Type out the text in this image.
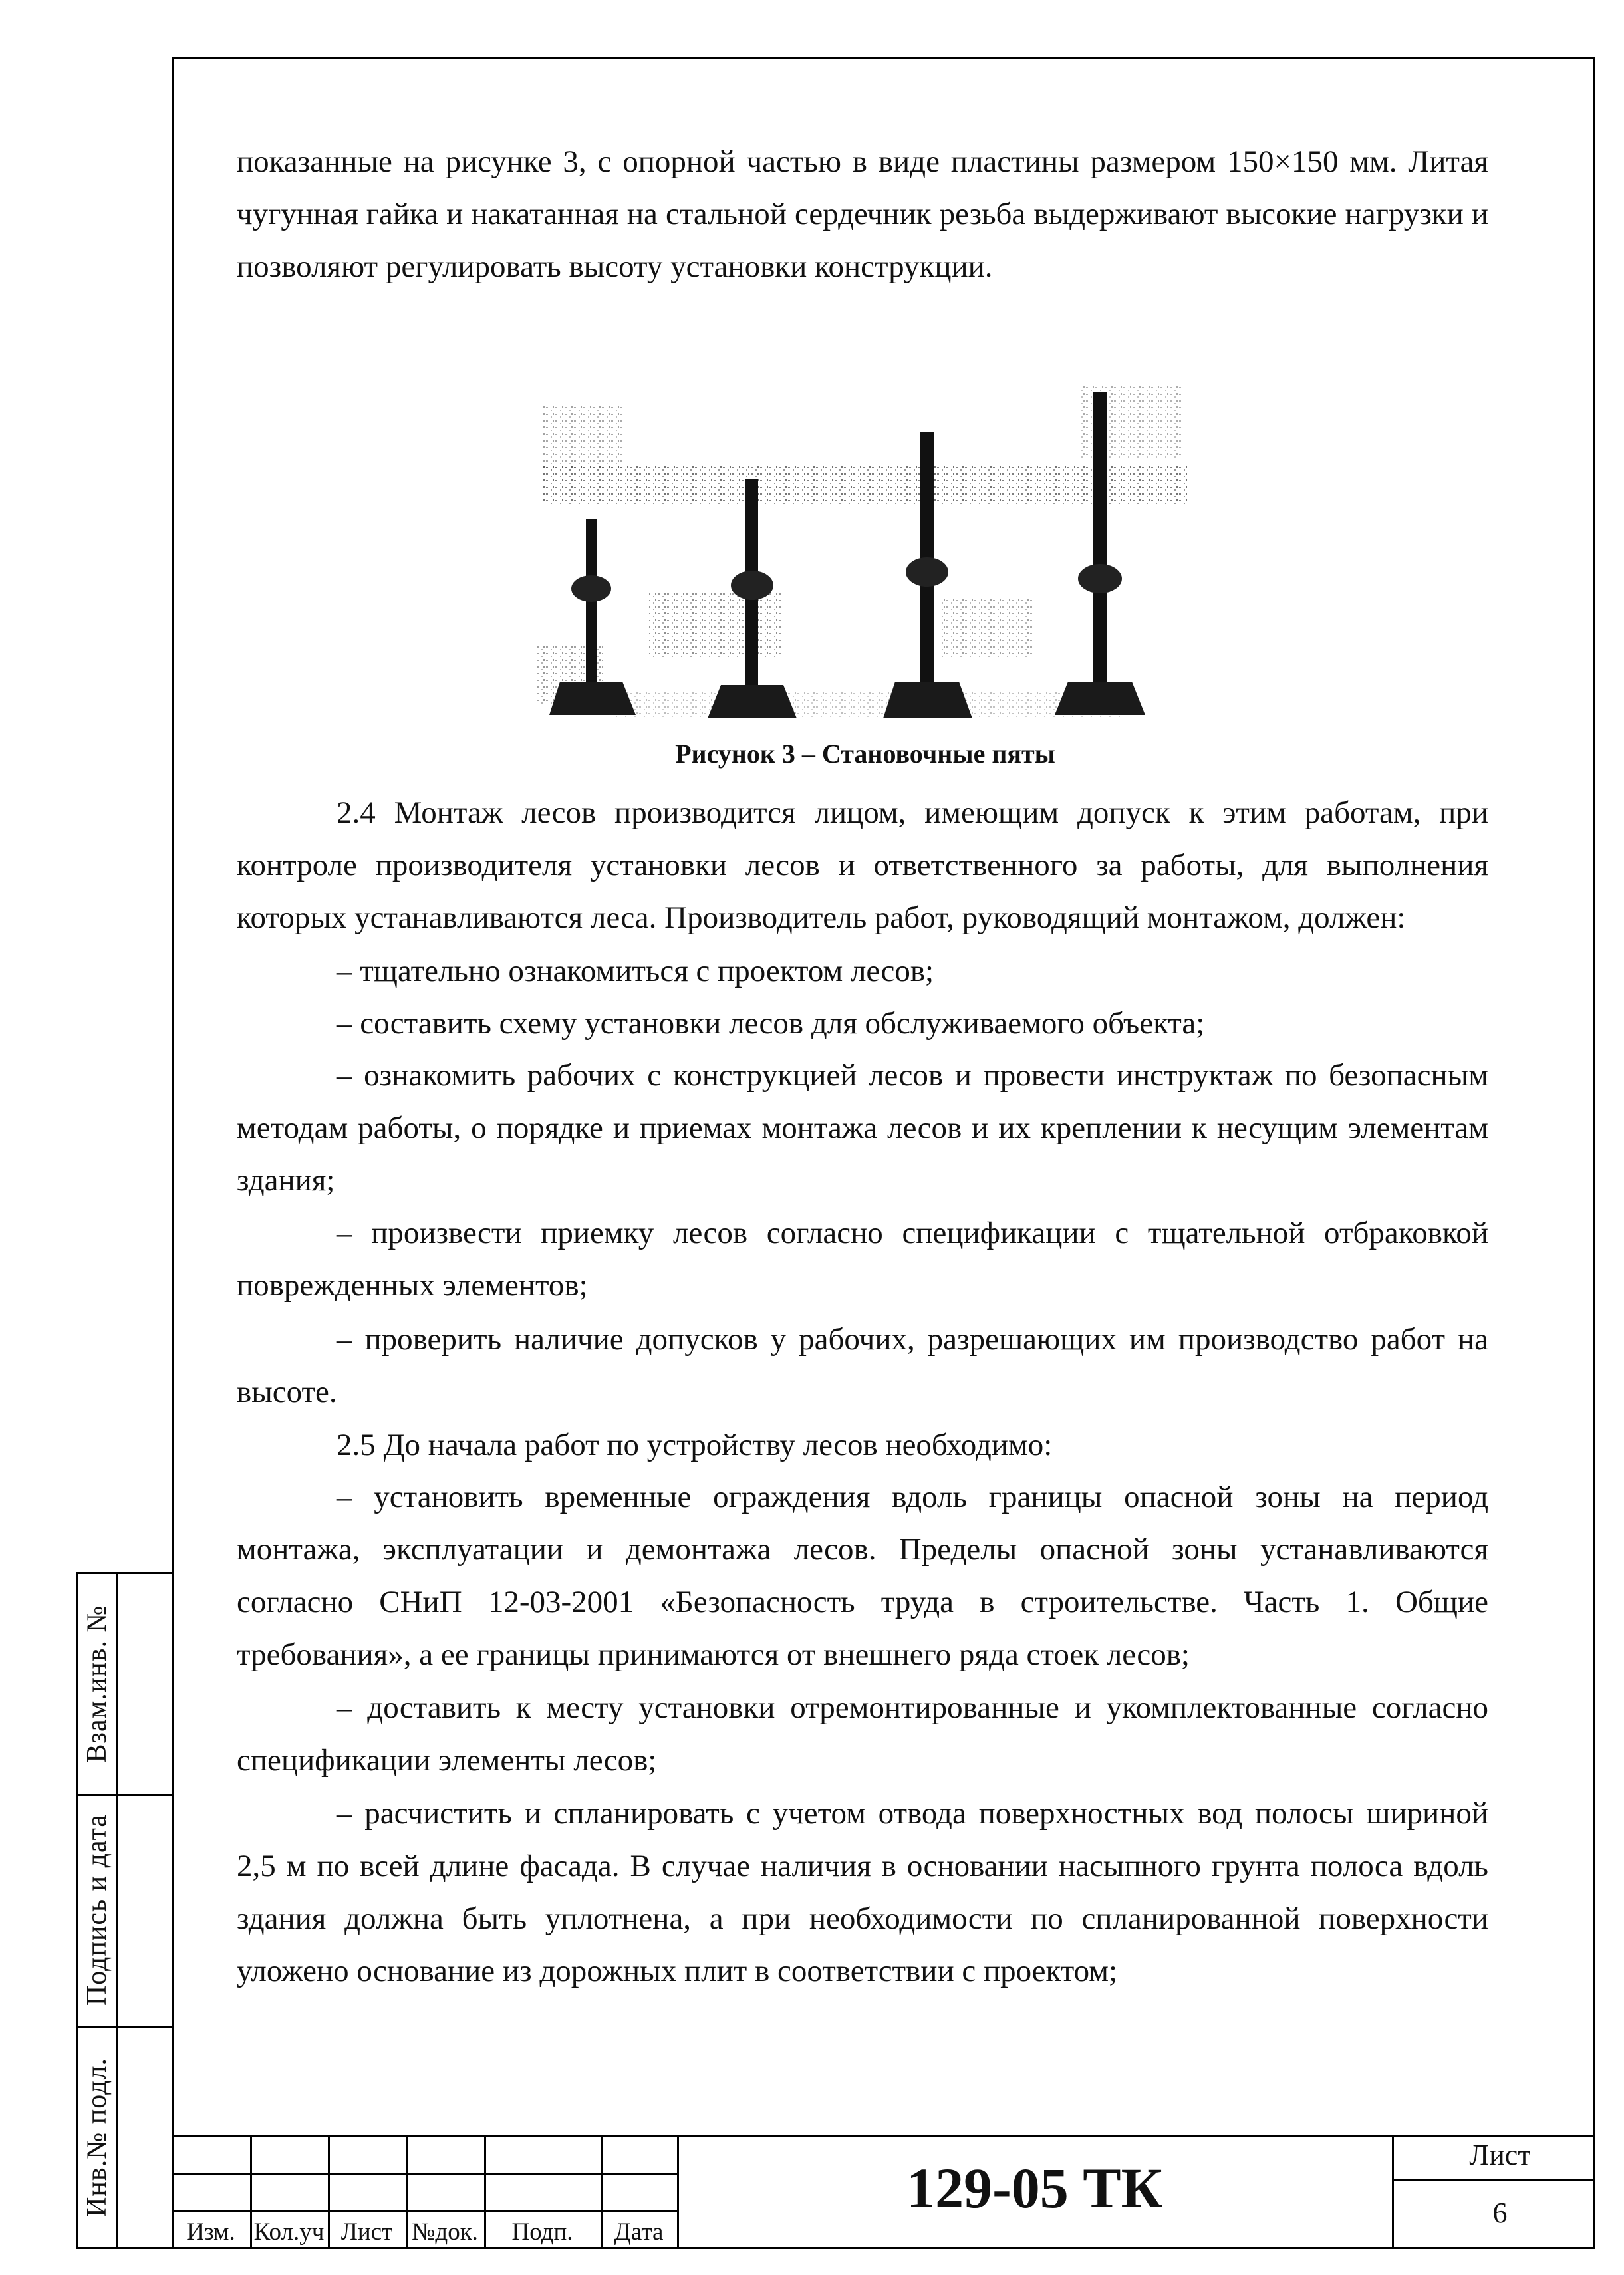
Взам.инв. №
Подпись и дата
Инв.№ подл.

показанные на рисунке 3, с опорной частью в виде пластины размером 150×150 мм. Литая чугунная гайка и накатанная на стальной сердечник резьба выдерживают высокие нагрузки и позволяют регулировать высоту установки конструкции.

Рисунок 3 – Становочные пяты

2.4 Монтаж лесов производится лицом, имеющим допуск к этим работам, при контроле производителя установки лесов и ответственного за работы, для выполнения которых устанавливаются леса. Производитель работ, руководящий монтажом, должен:

– тщательно ознакомиться с проектом лесов;

– составить схему установки лесов для обслуживаемого объекта;

– ознакомить рабочих с конструкцией лесов и провести инструктаж по безопасным методам работы, о порядке и приемах монтажа лесов и их креплении к несущим элементам здания;

– произвести приемку лесов согласно спецификации с тщательной отбраковкой поврежденных элементов;

– проверить наличие допусков у рабочих, разрешающих им производство работ на высоте.

2.5 До начала работ по устройству лесов необходимо:

– установить временные ограждения вдоль границы опасной зоны на период монтажа, эксплуатации и демонтажа лесов. Пределы опасной зоны устанавливаются согласно СНиП 12-03-2001 «Безопасность труда в строительстве. Часть 1. Общие требования», а ее границы принимаются от внешнего ряда стоек лесов;

– доставить к месту установки отремонтированные и укомплектованные согласно спецификации элементы лесов;

– расчистить и спланировать с учетом отвода поверхностных вод полосы шириной 2,5 м по всей длине фасада. В случае наличия в основании насыпного грунта полоса вдоль здания должна быть уплотнена, а при необходимости по спланированной поверхности уложено основание из дорожных плит в соответствии с проектом;

Изм. Кол.уч Лист №док.	Подп.	Дата
129-05 ТК
Лист
6
